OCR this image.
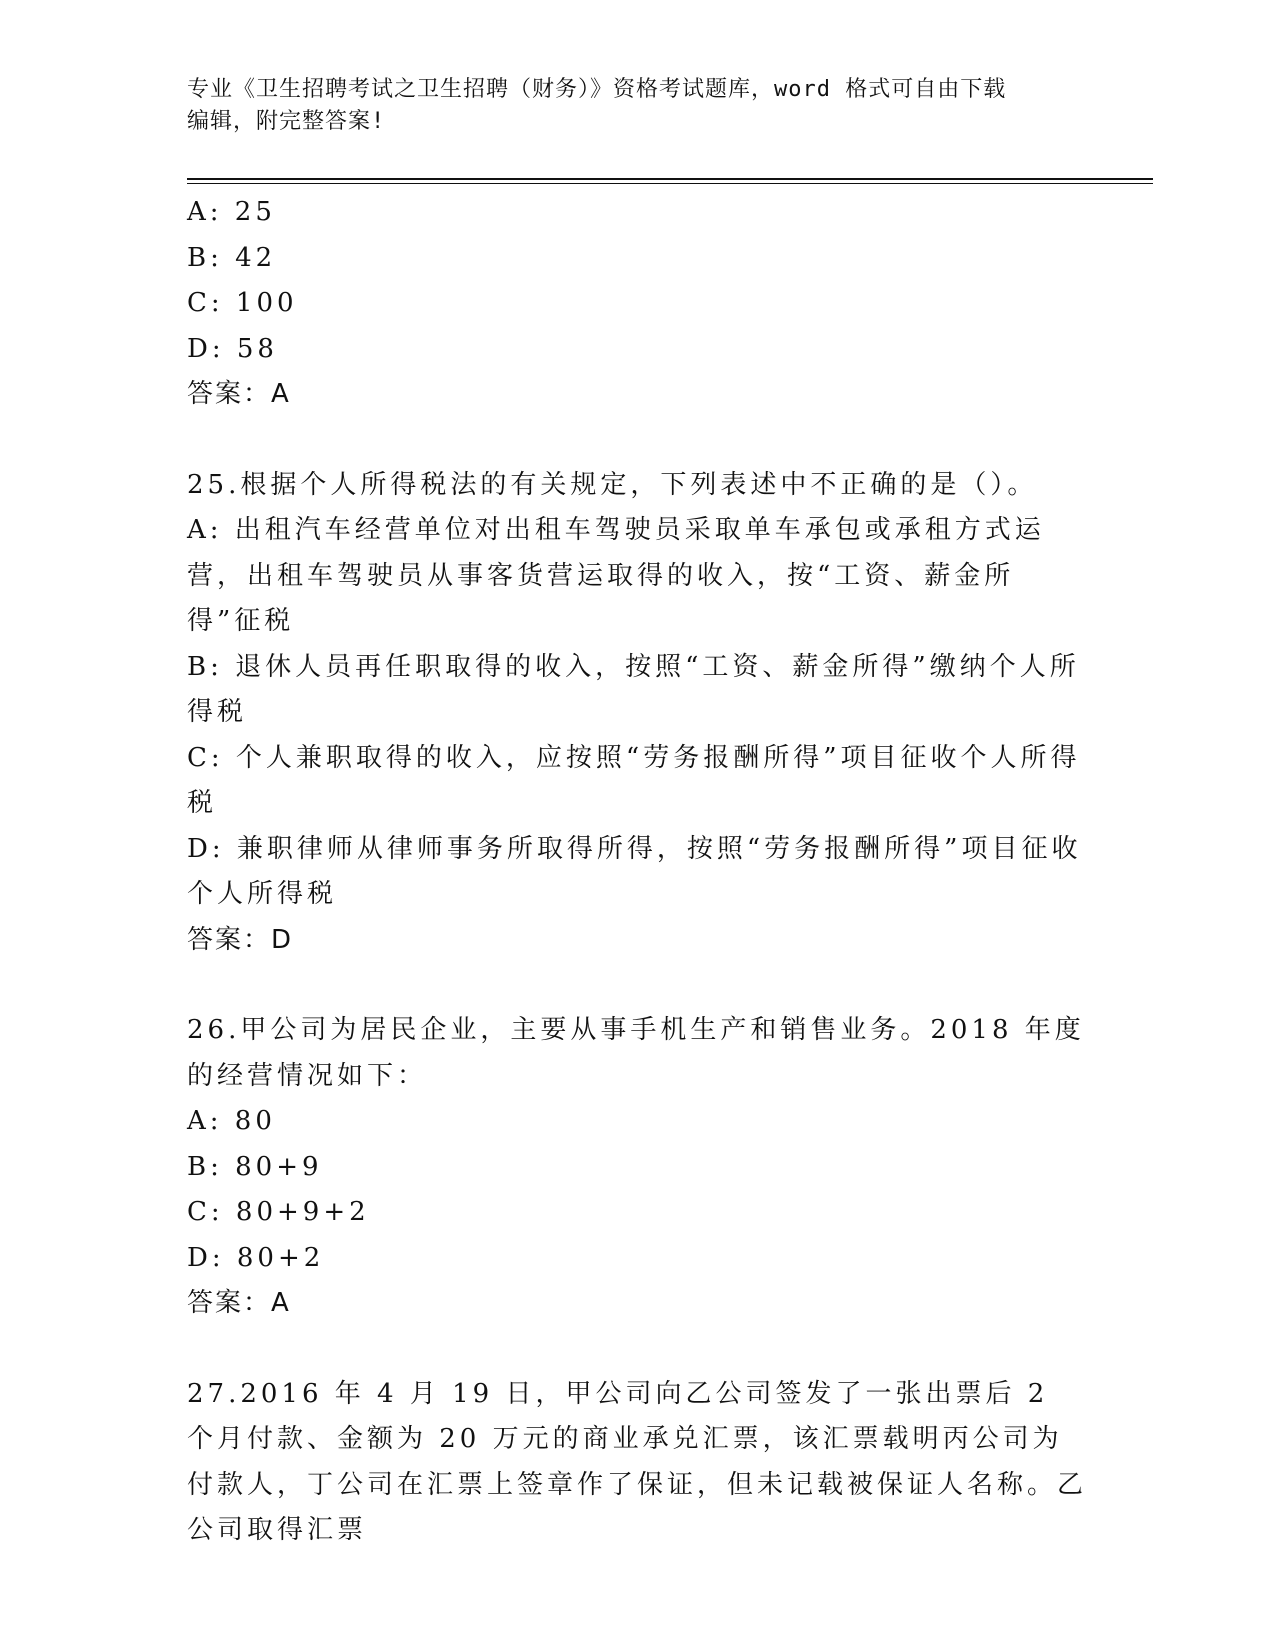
专业《卫生招聘考试之卫生招聘（财务）》资格考试题库，word 格式可自由下载
编辑，附完整答案!
A: 25
B: 42
C: 100
D: 58
答案：A
25.根据个人所得税法的有关规定，下列表述中不正确的是（）。
A: 出租汽车经营单位对出租车驾驶员采取单车承包或承租方式运营，出租车驾驶员从事客货营运取得的收入，按“工资、薪金所得”征税
B: 退休人员再任职取得的收入，按照“工资、薪金所得”缴纳个人所得税
C: 个人兼职取得的收入，应按照“劳务报酬所得”项目征收个人所得税
D: 兼职律师从律师事务所取得所得，按照“劳务报酬所得”项目征收个人所得税
答案：D
26.甲公司为居民企业，主要从事手机生产和销售业务。2018 年度的经营情况如下：
A: 80
B: 80+9
C: 80+9+2
D: 80+2
答案：A
27.2016 年 4 月 19 日，甲公司向乙公司签发了一张出票后 2 个月付款、金额为 20 万元的商业承兑汇票，该汇票载明丙公司为付款人，丁公司在汇票上签章作了保证，但未记载被保证人名称。乙公司取得汇票
